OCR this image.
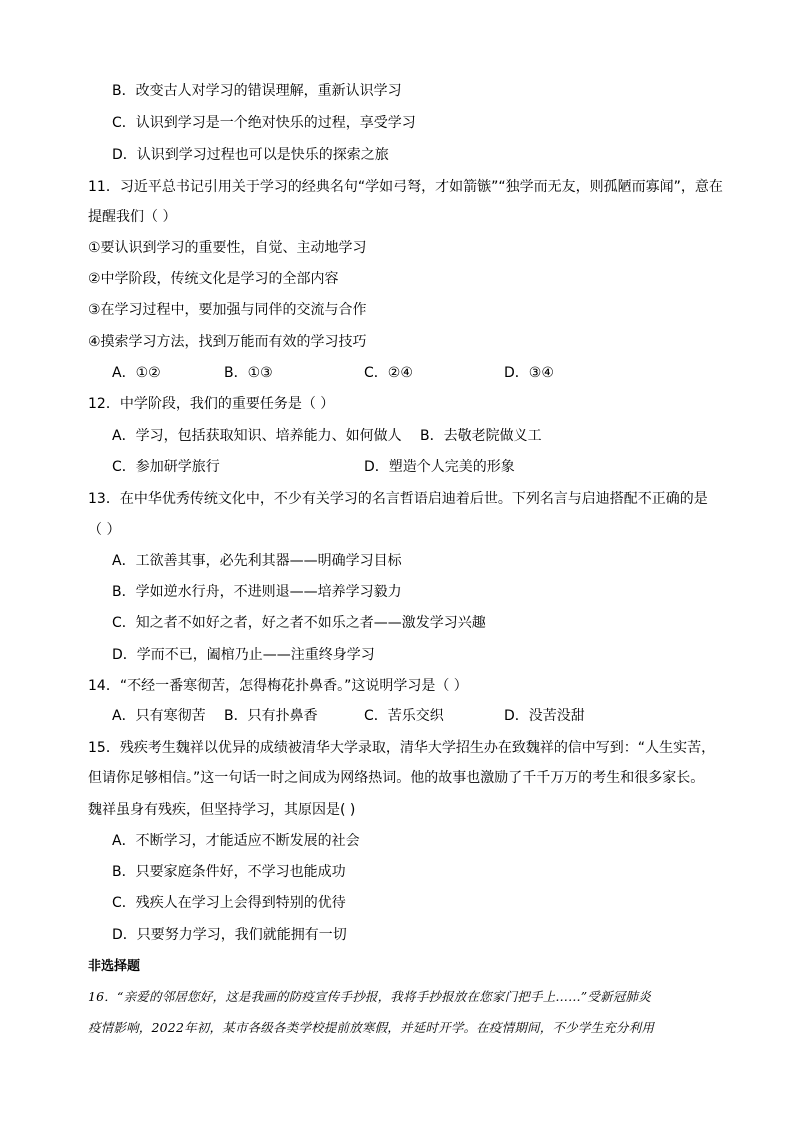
B．改变古人对学习的错误理解，重新认识学习
C．认识到学习是一个绝对快乐的过程，享受学习
D．认识到学习过程也可以是快乐的探索之旅
11．习近平总书记引用关于学习的经典名句“学如弓弩，才如箭镞”“独学而无友，则孤陋而寡闻”，意在
提醒我们（ ）
①要认识到学习的重要性，自觉、主动地学习
②中学阶段，传统文化是学习的全部内容
③在学习过程中，要加强与同伴的交流与合作
④摸索学习方法，找到万能而有效的学习技巧
A．①②	B．①③	C．②④	D．③④
12．中学阶段，我们的重要任务是（ ）
A．学习，包括获取知识、培养能力、如何做人 B．去敬老院做义工
C．参加研学旅行	D．塑造个人完美的形象
13．在中华优秀传统文化中，不少有关学习的名言哲语启迪着后世。下列名言与启迪搭配不正确的是
（ ）
A．工欲善其事，必先利其器——明确学习目标
B．学如逆水行舟，不进则退——培养学习毅力
C．知之者不如好之者，好之者不如乐之者——激发学习兴趣
D．学而不已，阖棺乃止——注重终身学习
14．“不经一番寒彻苦，怎得梅花扑鼻香。”这说明学习是（ ）
A．只有寒彻苦 B．只有扑鼻香	C．苦乐交织	D．没苦没甜
15．残疾考生魏祥以优异的成绩被清华大学录取，清华大学招生办在致魏祥的信中写到：“人生实苦，
但请你足够相信。”这一句话一时之间成为网络热词。他的故事也激励了千千万万的考生和很多家长。
魏祥虽身有残疾，但坚持学习，其原因是( )
A．不断学习，才能适应不断发展的社会
B．只要家庭条件好，不学习也能成功
C．残疾人在学习上会得到特别的优待
D．只要努力学习，我们就能拥有一切
非选择题
16．“亲爱的邻居您好，这是我画的防疫宣传手抄报，我将手抄报放在您家门把手上……”受新冠肺炎
疫情影响，2022年初，某市各级各类学校提前放寒假，并延时开学。在疫情期间，不少学生充分利用
